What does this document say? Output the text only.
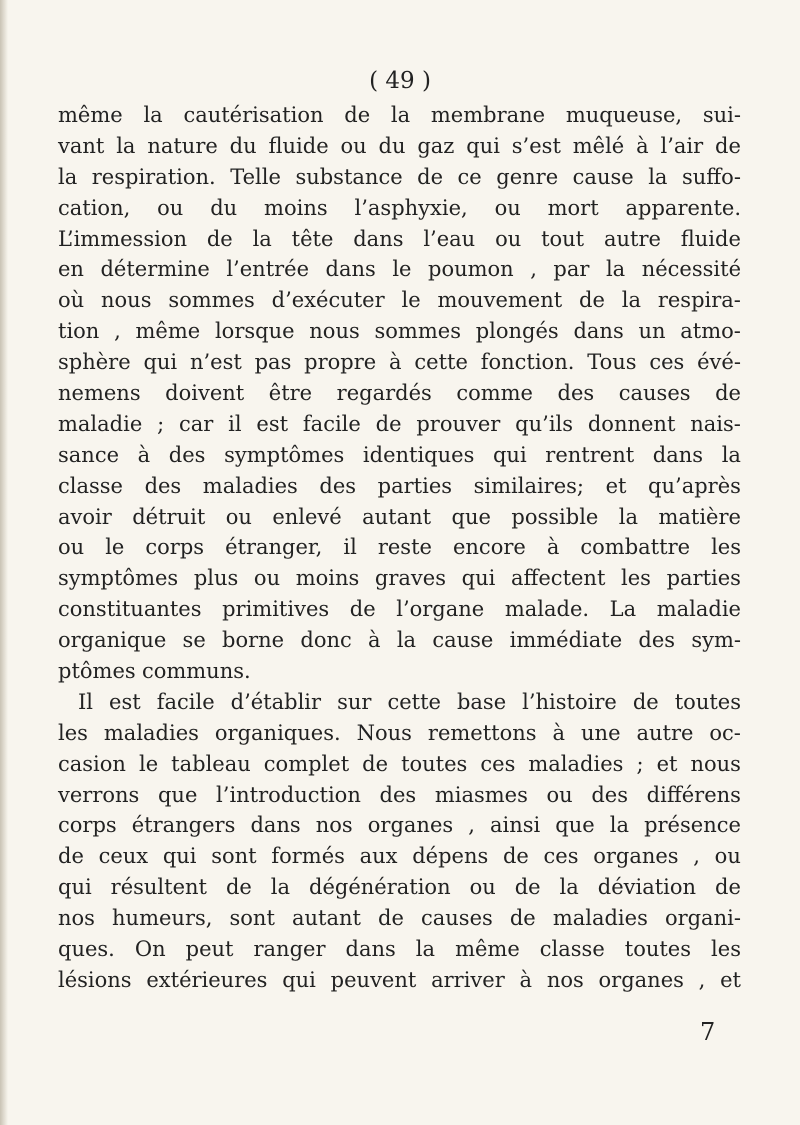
( 49 )
même la cautérisation de la membrane muqueuse, sui-
vant la nature du fluide ou du gaz qui s’est mêlé à l’air de
la respiration. Telle substance de ce genre cause la suffo-
cation, ou du moins l’asphyxie, ou mort apparente.
L’immession de la tête dans l’eau ou tout autre fluide
en détermine l’entrée dans le poumon , par la nécessité
où nous sommes d’exécuter le mouvement de la respira-
tion , même lorsque nous sommes plongés dans un atmo-
sphère qui n’est pas propre à cette fonction. Tous ces évé-
nemens doivent être regardés comme des causes de
maladie ; car il est facile de prouver qu’ils donnent nais-
sance à des symptômes identiques qui rentrent dans la
classe des maladies des parties similaires; et qu’après
avoir détruit ou enlevé autant que possible la matière
ou le corps étranger, il reste encore à combattre les
symptômes plus ou moins graves qui affectent les parties
constituantes primitives de l’organe malade. La maladie
organique se borne donc à la cause immédiate des sym-
ptômes communs.
Il est facile d’établir sur cette base l’histoire de toutes
les maladies organiques. Nous remettons à une autre oc-
casion le tableau complet de toutes ces maladies ; et nous
verrons que l’introduction des miasmes ou des différens
corps étrangers dans nos organes , ainsi que la présence
de ceux qui sont formés aux dépens de ces organes , ou
qui résultent de la dégénération ou de la déviation de
nos humeurs, sont autant de causes de maladies organi-
ques. On peut ranger dans la même classe toutes les
lésions extérieures qui peuvent arriver à nos organes , et
7
